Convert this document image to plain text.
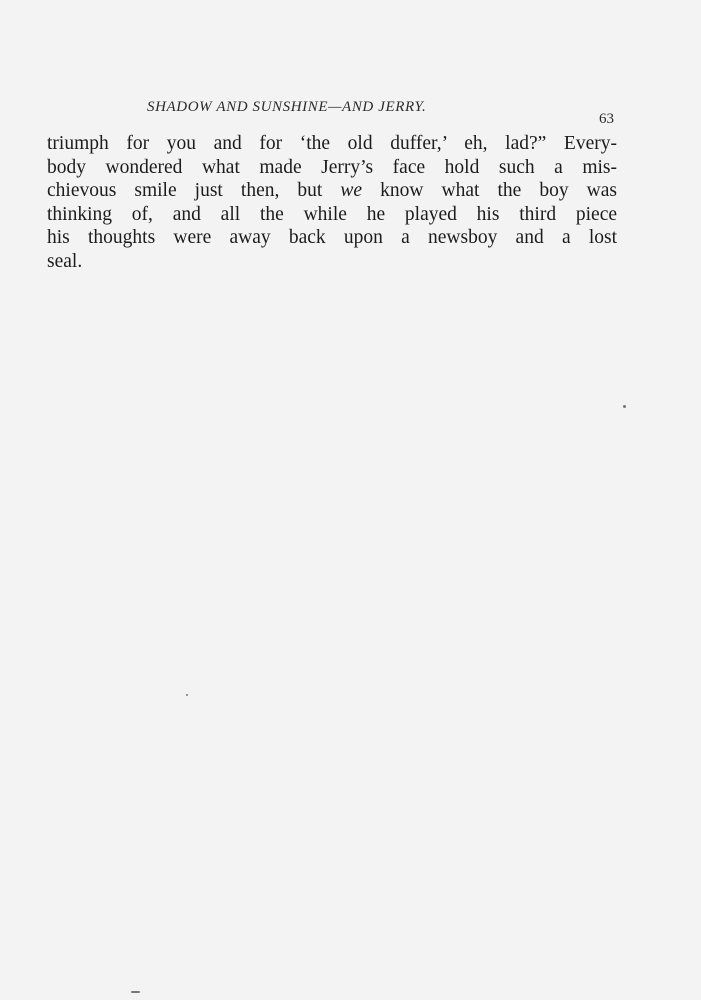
SHADOW AND SUNSHINE—AND JERRY.
63
triumph for you and for ‘the old duffer,’ eh, lad?” Every-
body wondered what made Jerry’s face hold such a mis-
chievous smile just then, but we know what the boy was
thinking of, and all the while he played his third piece
his thoughts were away back upon a newsboy and a lost
seal.
